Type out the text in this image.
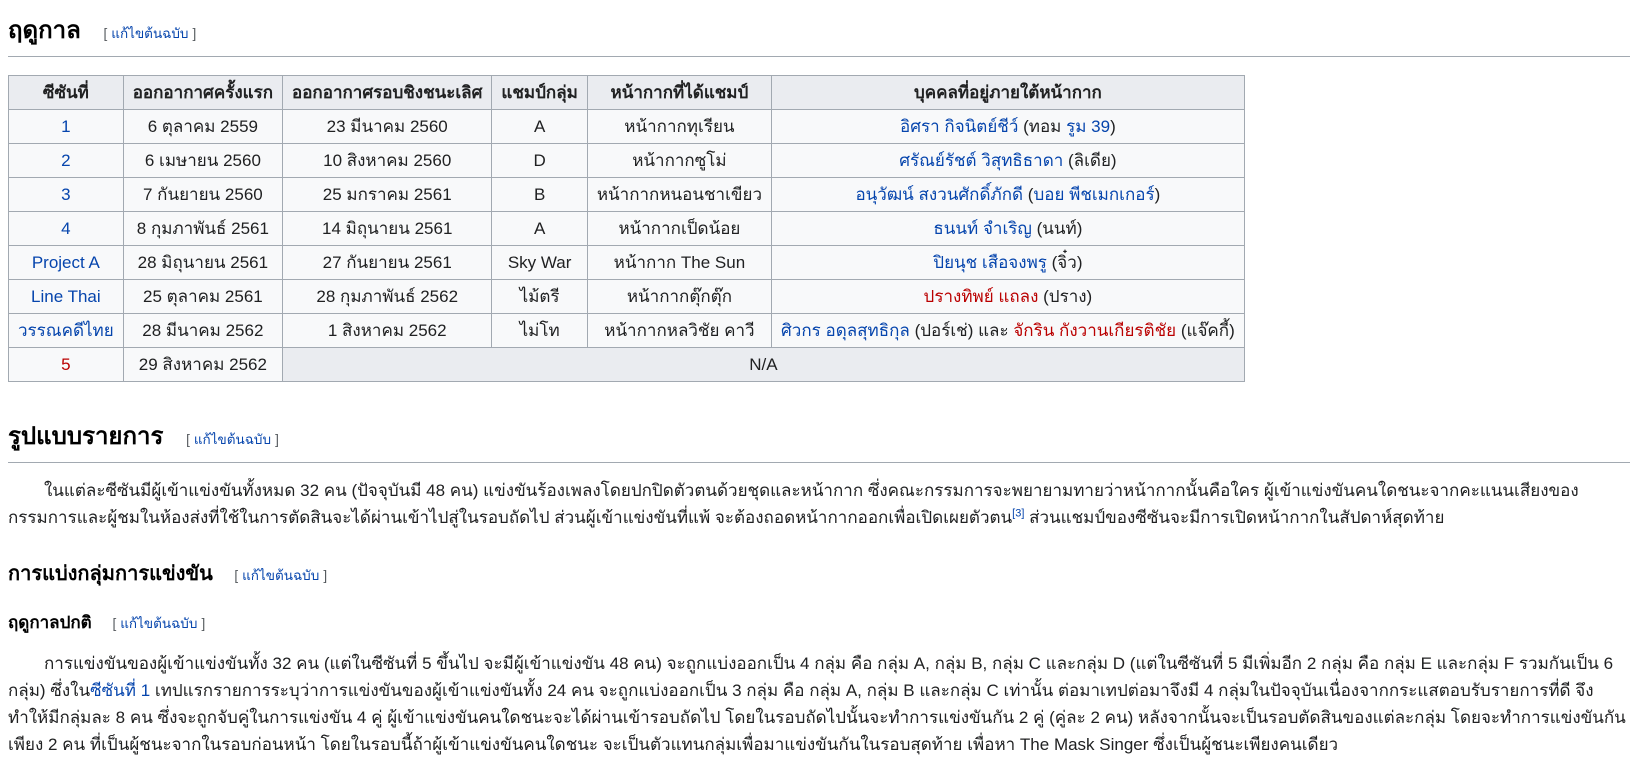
ฤดูกาล [ แก้ไขต้นฉบับ ]
ซีซันที่	ออกอากาศครั้งแรก	ออกอากาศรอบชิงชนะเลิศ	แชมป์กลุ่ม	หน้ากากที่ได้แชมป์	บุคคลที่อยู่ภายใต้หน้ากาก
1	6 ตุลาคม 2559	23 มีนาคม 2560	A	หน้ากากทุเรียน	อิศรา กิจนิตย์ชีว์ (ทอม รูม 39)
2	6 เมษายน 2560	10 สิงหาคม 2560	D	หน้ากากซูโม่	ศรัณย์รัชต์ วิสุทธิธาดา (ลิเดีย)
3	7 กันยายน 2560	25 มกราคม 2561	B	หน้ากากหนอนชาเขียว	อนุวัฒน์ สงวนศักดิ์ภักดี (บอย พีชเมกเกอร์)
4	8 กุมภาพันธ์ 2561	14 มิถุนายน 2561	A	หน้ากากเป็ดน้อย	ธนนท์ จำเริญ (นนท์)
Project A	28 มิถุนายน 2561	27 กันยายน 2561	Sky War	หน้ากาก The Sun	ปิยนุช เสือจงพรู (จิ๋ว)
Line Thai	25 ตุลาคม 2561	28 กุมภาพันธ์ 2562	ไม้ตรี	หน้ากากตุ๊กตุ๊ก	ปรางทิพย์ แถลง (ปราง)
วรรณคดีไทย	28 มีนาคม 2562	1 สิงหาคม 2562	ไม่โท	หน้ากากหลวิชัย คาวี	ศิวกร อดุลสุทธิกุล (ปอร์เช่) และ จักริน กังวานเกียรติชัย (แจ๊คกี้)
5	29 สิงหาคม 2562	N/A			
รูปแบบรายการ [ แก้ไขต้นฉบับ ]

ในแต่ละซีซันมีผู้เข้าแข่งขันทั้งหมด 32 คน (ปัจจุบันมี 48 คน) แข่งขันร้องเพลงโดยปกปิดตัวตนด้วยชุดและหน้ากาก ซึ่งคณะกรรมการจะพยายามทายว่าหน้ากากนั้นคือใคร ผู้เข้าแข่งขันคนใดชนะจากคะแนนเสียงของกรรมการและผู้ชมในห้องส่งที่ใช้ในการตัดสินจะได้ผ่านเข้าไปสู่ในรอบถัดไป ส่วนผู้เข้าแข่งขันที่แพ้ จะต้องถอดหน้ากากออกเพื่อเปิดเผยตัวตน[3] ส่วนแชมป์ของซีซันจะมีการเปิดหน้ากากในสัปดาห์สุดท้าย

การแบ่งกลุ่มการแข่งขัน [ แก้ไขต้นฉบับ ]
ฤดูกาลปกติ [ แก้ไขต้นฉบับ ]

การแข่งขันของผู้เข้าแข่งขันทั้ง 32 คน (แต่ในซีซันที่ 5 ขึ้นไป จะมีผู้เข้าแข่งขัน 48 คน) จะถูกแบ่งออกเป็น 4 กลุ่ม คือ กลุ่ม A, กลุ่ม B, กลุ่ม C และกลุ่ม D (แต่ในซีซันที่ 5 มีเพิ่มอีก 2 กลุ่ม คือ กลุ่ม E และกลุ่ม F รวมกันเป็น 6 กลุ่ม) ซึ่งในซีซันที่ 1 เทปแรกรายการระบุว่าการแข่งขันของผู้เข้าแข่งขันทั้ง 24 คน จะถูกแบ่งออกเป็น 3 กลุ่ม คือ กลุ่ม A, กลุ่ม B และกลุ่ม C เท่านั้น ต่อมาเทปต่อมาจึงมี 4 กลุ่มในปัจจุบันเนื่องจากกระแสตอบรับรายการที่ดี จึงทำให้มีกลุ่มละ 8 คน ซึ่งจะถูกจับคู่ในการแข่งขัน 4 คู่ ผู้เข้าแข่งขันคนใดชนะจะได้ผ่านเข้ารอบถัดไป โดยในรอบถัดไปนั้นจะทำการแข่งขันกัน 2 คู่ (คู่ละ 2 คน) หลังจากนั้นจะเป็นรอบตัดสินของแต่ละกลุ่ม โดยจะทำการแข่งขันกันเพียง 2 คน ที่เป็นผู้ชนะจากในรอบก่อนหน้า โดยในรอบนี้ถ้าผู้เข้าแข่งขันคนใดชนะ จะเป็นตัวแทนกลุ่มเพื่อมาแข่งขันกันในรอบสุดท้าย เพื่อหา The Mask Singer ซึ่งเป็นผู้ชนะเพียงคนเดียว
